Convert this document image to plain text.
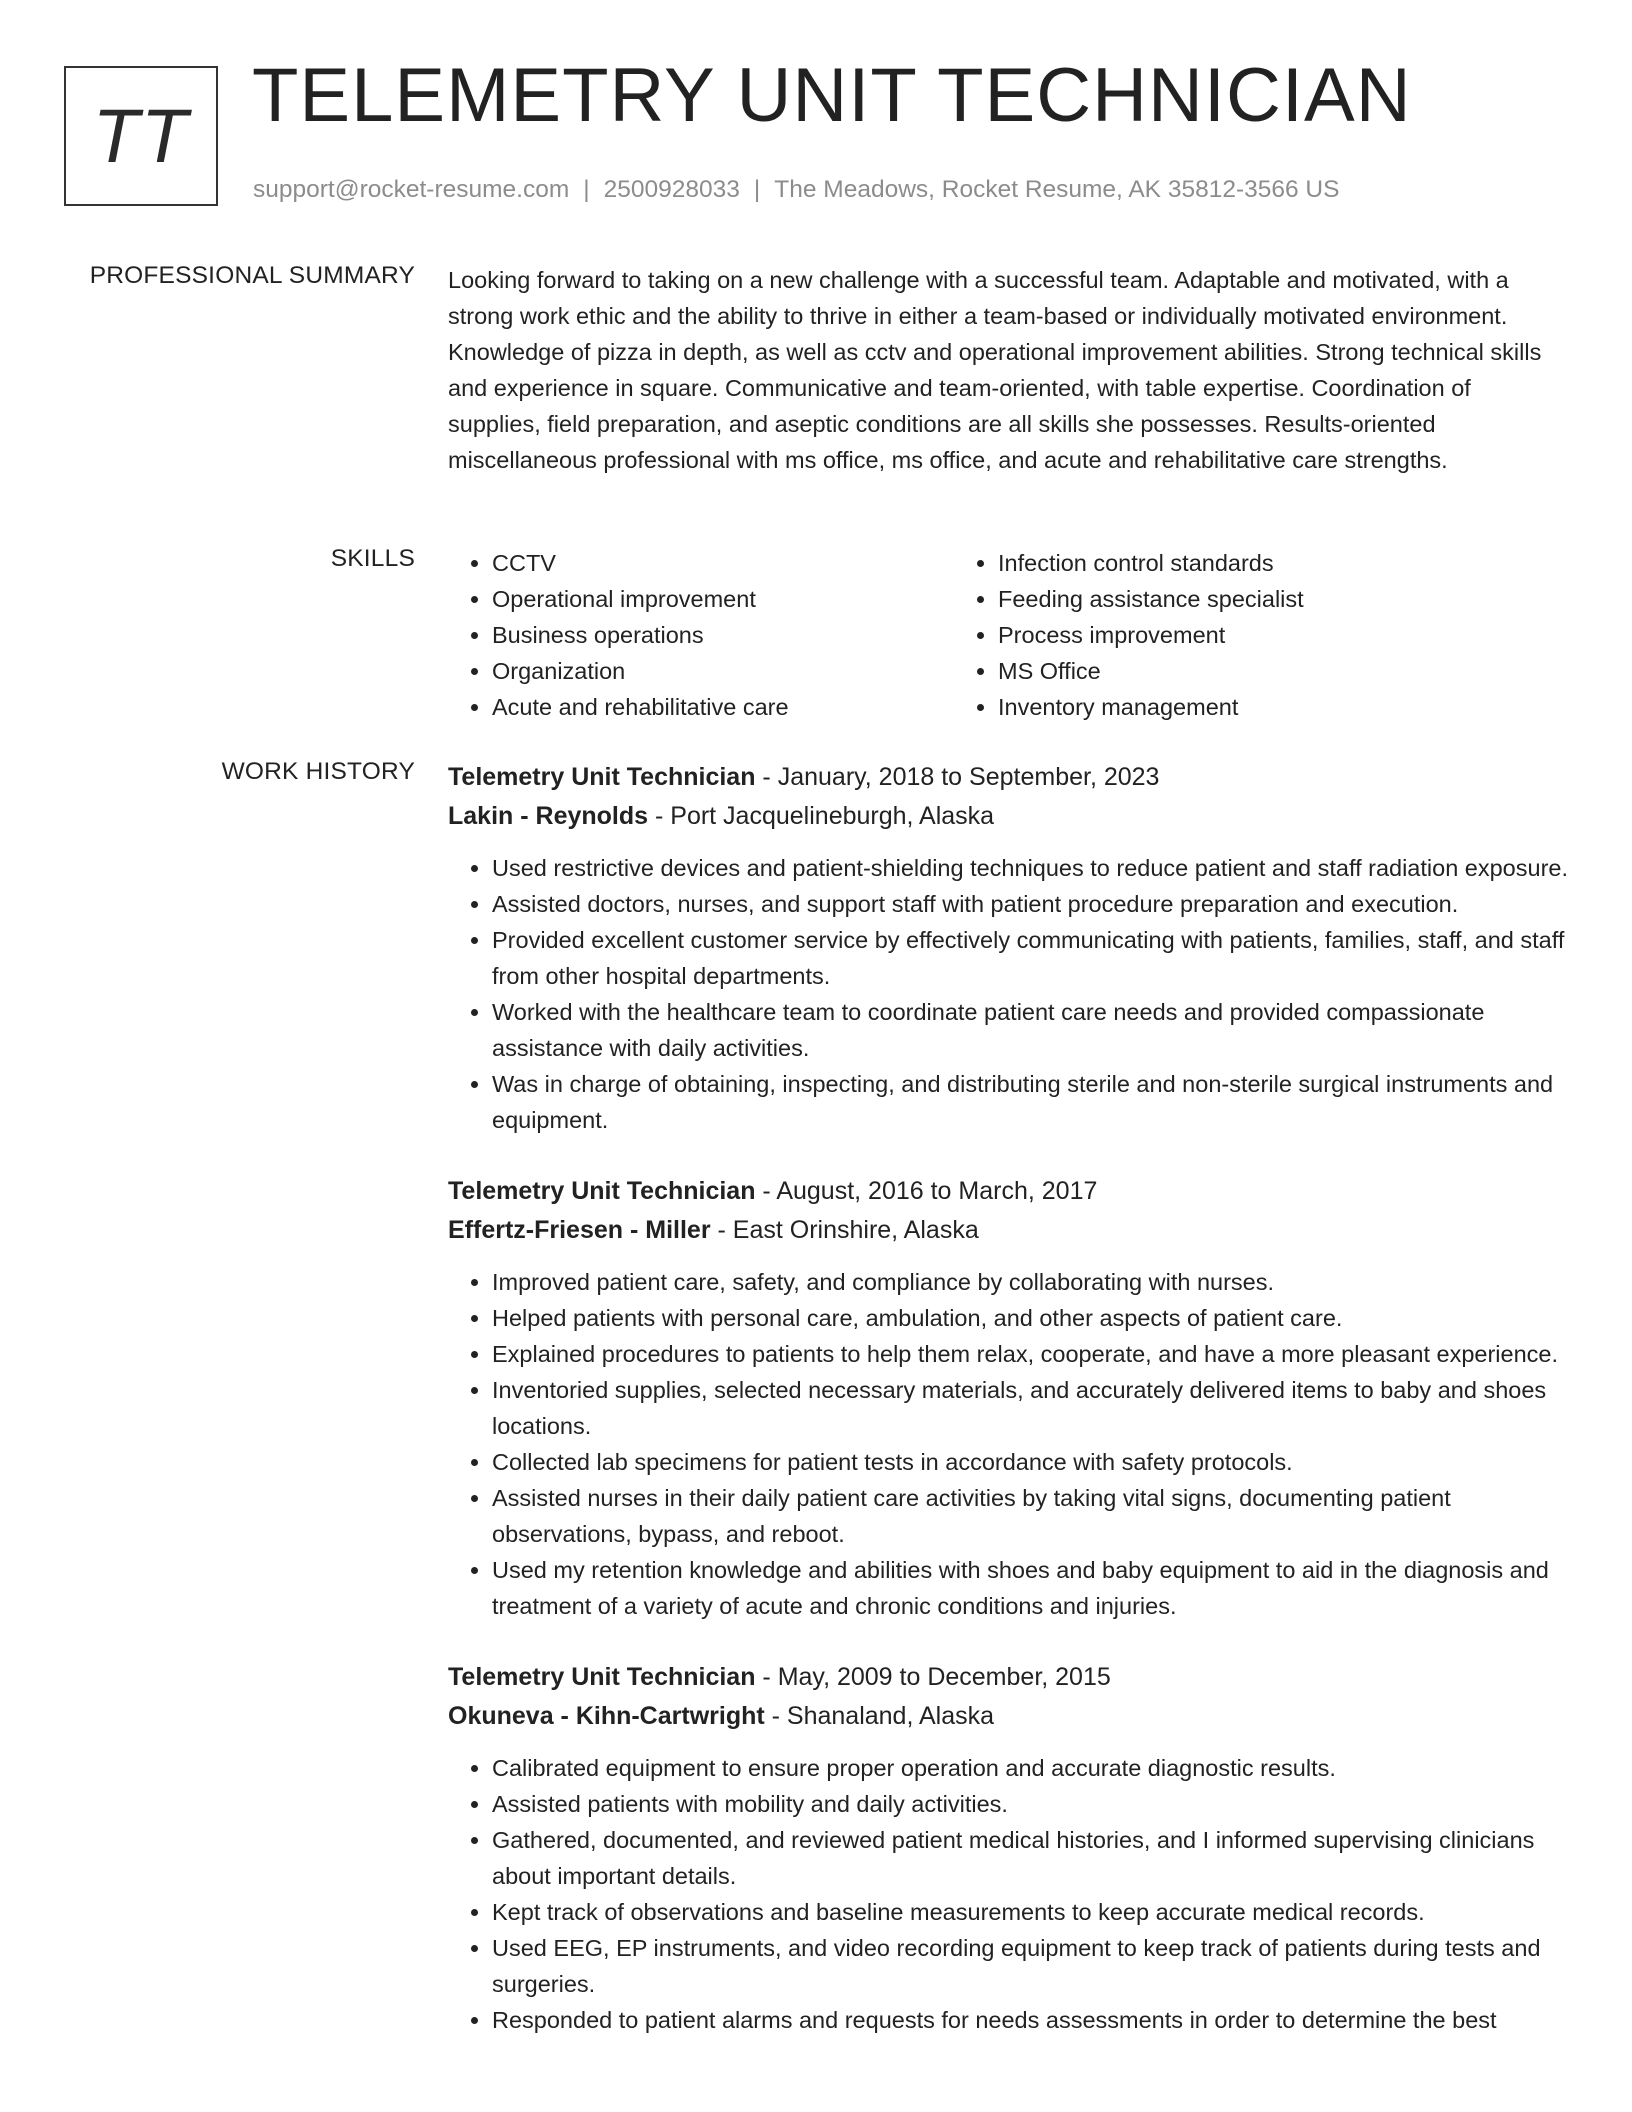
TT TELEMETRY UNIT TECHNICIAN
support@rocket-resume.com | 2500928033 | The Meadows, Rocket Resume, AK 35812-3566 US
PROFESSIONAL SUMMARY Looking forward to taking on a new challenge with a successful team. Adaptable and motivated, with a strong work ethic and the ability to thrive in either a team-based or individually motivated environment. Knowledge of pizza in depth, as well as cctv and operational improvement abilities. Strong technical skills and experience in square. Communicative and team-oriented, with table expertise. Coordination of supplies, field preparation, and aseptic conditions are all skills she possesses. Results-oriented miscellaneous professional with ms office, ms office, and acute and rehabilitative care strengths.

SKILLS
•	CCTV
• Operational improvement
• Business operations
• Organization
• Acute and rehabilitative care
• Infection control standards
• Feeding assistance specialist
• Process improvement
• MS Office
• Inventory management
WORK HISTORY Telemetry Unit Technician - January, 2018 to September, 2023
Lakin - Reynolds - Port Jacquelineburgh, Alaska
• Used restrictive devices and patient-shielding techniques to reduce patient and staff radiation exposure.
• Assisted doctors, nurses, and support staff with patient procedure preparation and execution.
• Provided excellent customer service by effectively communicating with patients, families, staff, and staff from other hospital departments.
• Worked with the healthcare team to coordinate patient care needs and provided compassionate assistance with daily activities.
• Was in charge of obtaining, inspecting, and distributing sterile and non-sterile surgical instruments and equipment.
Telemetry Unit Technician - August, 2016 to March, 2017
Effertz-Friesen - Miller - East Orinshire, Alaska
• Improved patient care, safety, and compliance by collaborating with nurses.
• Helped patients with personal care, ambulation, and other aspects of patient care.
• Explained procedures to patients to help them relax, cooperate, and have a more pleasant experience.
• Inventoried supplies, selected necessary materials, and accurately delivered items to baby and shoes locations.
• Collected lab specimens for patient tests in accordance with safety protocols.
• Assisted nurses in their daily patient care activities by taking vital signs, documenting patient observations, bypass, and reboot.
• Used my retention knowledge and abilities with shoes and baby equipment to aid in the diagnosis and treatment of a variety of acute and chronic conditions and injuries.
Telemetry Unit Technician - May, 2009 to December, 2015
Okuneva - Kihn-Cartwright - Shanaland, Alaska
• Calibrated equipment to ensure proper operation and accurate diagnostic results.
• Assisted patients with mobility and daily activities.
• Gathered, documented, and reviewed patient medical histories, and I informed supervising clinicians about important details.
• Kept track of observations and baseline measurements to keep accurate medical records.
• Used EEG, EP instruments, and video recording equipment to keep track of patients during tests and surgeries.
• Responded to patient alarms and requests for needs assessments in order to determine the best
